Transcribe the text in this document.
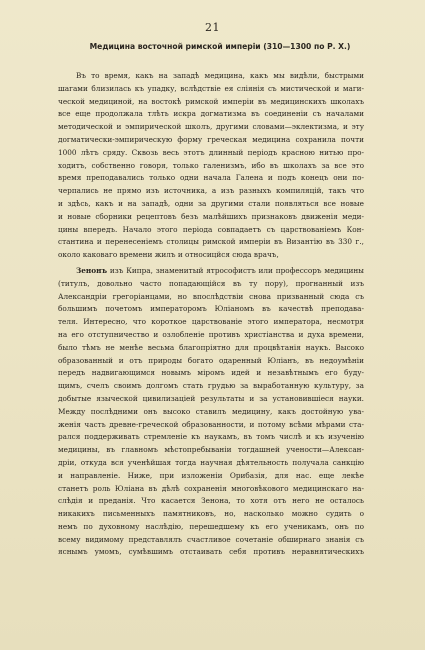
21
Медицина восточной римской имперіи (310—1300 по Р. Х.)
Въ то время, какъ на западѣ медицина, какъ мы видѣли, быстрыми
шагами близилась къ упадку, вслѣдствіе ея сліянія съ мистической и маги-
ческой медициной, на востокѣ римской имперіи въ медицинскихъ школахъ
все еще продолжала тлѣть искра догматизма въ соединеніи съ началами
методической и эмпирической школъ, другими словами—эклектизма, и эту
догматически-эмпирическую форму греческая медицина сохранила почти
1000 лѣтъ сряду. Сквозь весь этотъ длинный періодъ красною нитью прo-
ходитъ, собственно говоря, только галенизмъ, ибо въ школахъ за все это
время преподавались только одни начала Галена и подъ конецъ они по-
черпались не прямо изъ источника, а изъ разныхъ компиляцій, такъ что
и здѣсь, какъ и на западѣ, одни за другими стали появляться все новые
и новые сборники рецептовъ безъ малѣйшихъ признаковъ движенія меди-
цины впередъ. Начало этого періода совпадаетъ съ царствованіемъ Кон-
стантина и перенесеніемъ столицы римской имперіи въ Византію въ 330 г.,
около каковаго времени жилъ и относицйся сюда врачъ,
Зенонъ изъ Кипра, знаменитый ятрософистъ или профессоръ медицины
(титулъ, довольно часто попадающійся въ ту пору), прогнанный изъ
Александріи грегоріанцами, но впослѣдствіи снова призванный сюда съ
большимъ почетомъ императоромъ Юліаномъ въ качествѣ преподава-
теля. Интересно, что короткое царствованіе этого императора, несмотря
на его отступничество и озлобленіе противъ христіанства и духа времени,
было тѣмъ не менѣе весьма благопріятно для процвѣтанія наукъ. Высоко
образованный и отъ природы богато одаренный Юліанъ, въ недоумѣніи
передъ надвигающимся новымъ міромъ идей и незавѣтнымъ его буду-
щимъ, счелъ своимъ долгомъ стать грудью за выработанную культуру, за
добытые языческой цивилизаціей результаты и за установившіеся науки.
Между послѣдними онъ высоко ставилъ медицину, какъ достойную ува-
женія часть древне-греческой образованности, и потому всѣми мѣрами ста-
рался поддерживать стремленіе къ наукамъ, въ томъ числѣ и къ изученію
медицины, въ главномъ мѣстопребываніи тогдашней учености—Алексан-
дріи, откуда вся ученѣйшая тогда научная дѣятельность получала санкцію
и направленіе. Ниже, при изложеніи Орибазія, для нас. еще лекѣе
станетъ роль Юліана въ дѣлѣ сохраненія многовѣкового медицинскаго на-
слѣдія и преданія. Что касается Зенона, то хотя отъ него не осталось
никакихъ письменныхъ памятниковъ, но, насколько можно судить о
немъ по духовному наслѣдію, перешедшему къ его ученикамъ, онъ по
всему видимому представлялъ счастливое сочетаніе обширнаго знанія съ
яснымъ умомъ, сумѣвшимъ отстаивать себя противъ неравнятическихъ
